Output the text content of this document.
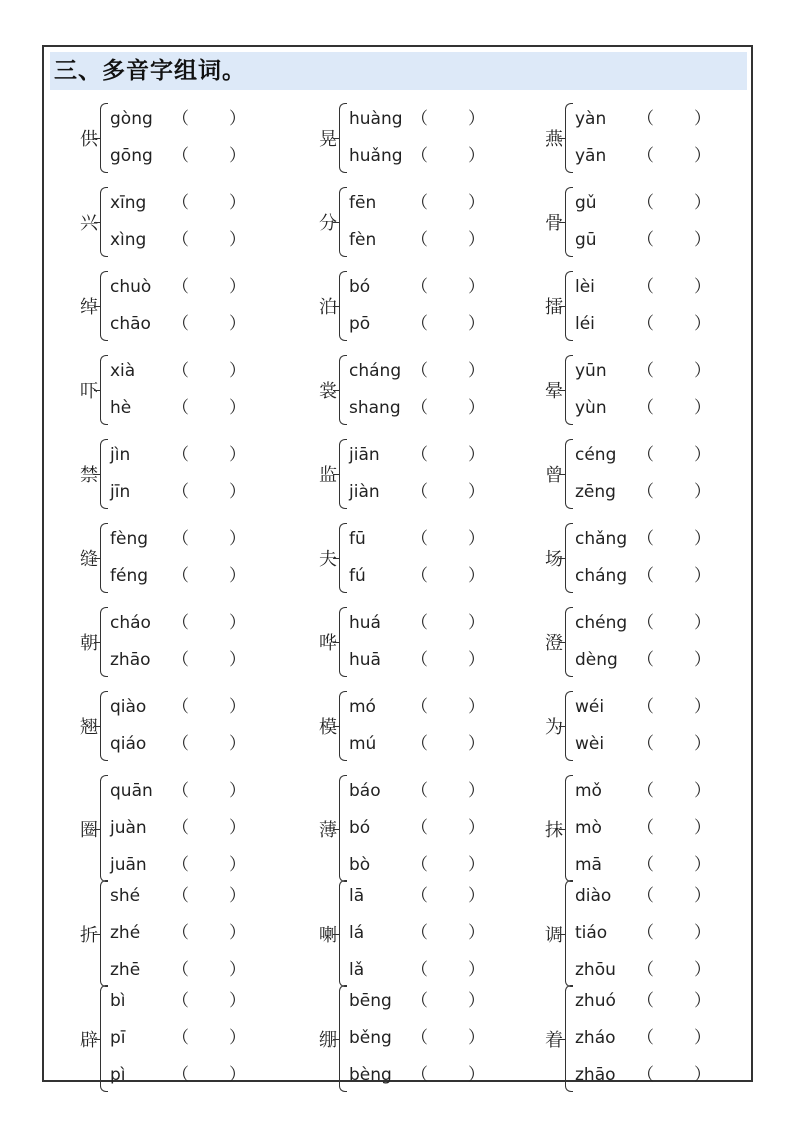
三、多音字组词。
供
gòng （ ）
gōng （ ）
晃
huàng （ ）
huǎng （ ）
燕
yàn （ ）
yān （ ）
兴
xīng （ ）
xìng （ ）
分
fēn （ ）
fèn （ ）
骨
gǔ （ ）
gū （ ）
绰
chuò （ ）
chāo （ ）
泊
bó （ ）
pō （ ）
擂
lèi （ ）
léi （ ）
吓
xià （ ）
hè （ ）
裳
cháng （ ）
shang （ ）
晕
yūn （ ）
yùn （ ）
禁
jìn （ ）
jīn （ ）
监
jiān （ ）
jiàn （ ）
曾
céng （ ）
zēng （ ）
缝
fèng （ ）
féng （ ）
夫
fū	（ ）
fú	（ ）
场
chǎng （ ）
cháng （ ）
朝
cháo （ ）
zhāo （ ）
哗
huá （ ）
huā （ ）
澄
chéng （ ）
dèng （ ）
翘
qiào （ ）
qiáo （ ）
模
mó （ ）
mú （ ）
为
wéi （ ）
wèi （ ）
圈
quān （ ）
juàn （ ）
juān （ ）
薄
báo （ ）
bó （ ）
bò （ ）
抹
mǒ （ ）
mò （ ）
mā （ ）
折
shé （ ）
zhé （ ）
zhē （ ）
喇
lā	（ ）
lá	（ ）
lǎ	（ ）
调
diào （ ）
tiáo （ ）
zhōu （ ）
辟
bì	（ ）
pī	（ ）
pì	（ ）
绷
bēng （ ）
běng （ ）
bèng （ ）
着
zhuó （ ）
zháo （ ）
zhāo （ ）
